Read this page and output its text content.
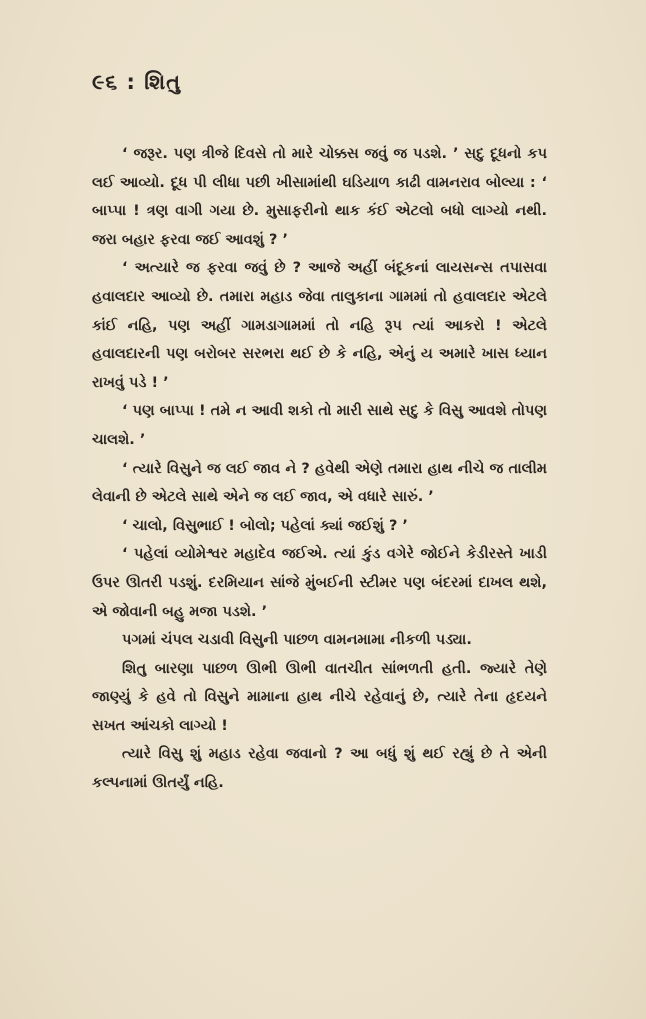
૯૬ : શિતુ

‘ જરૂર. પણ ત્રીજે દિવસે તો મારે ચોક્કસ જવું જ પડશે. ’ સદુ દૂધનો કપ લઈ આવ્યો. દૂધ પી લીધા પછી ખીસામાંથી ઘડિયાળ કાઢી વામનરાવ બોલ્યા : ‘ બાપ્પા ! ત્રણ વાગી ગયા છે. મુસાફરીનો થાક કંઈ એટલો બધો લાગ્યો નથી. જરા બહાર ફરવા જઈ આવશું ? ’

‘ અત્યારે જ ફરવા જવું છે ? આજે અહીં બંદૂકનાં લાયસન્સ તપાસવા હવાલદાર આવ્યો છે. તમારા મહાડ જેવા તાલુકાના ગામમાં તો હવાલદાર એટલે કાંઈ નહિ, પણ અહીં ગામડાગામમાં તો નહિ રૂપ ત્યાં આકરો ! એટલે હવાલદારની પણ બરોબર સરભરા થઈ છે કે નહિ, એનું ય અમારે ખાસ ધ્યાન રાખવું પડે ! ’

‘ પણ બાપ્પા ! તમે ન આવી શકો તો મારી સાથે સદુ કે વિસુ આવશે તોપણ ચાલશે. ’

‘ ત્યારે વિસુને જ લઈ જાવ ને ? હવેથી એણે તમારા હાથ નીચે જ તાલીમ લેવાની છે એટલે સાથે એને જ લઈ જાવ, એ વધારે સારું. ’

‘ ચાલો, વિસુભાઈ ! બોલો; પહેલાં ક્યાં જઈશું ? ’

‘ પહેલાં વ્યોમેશ્વર મહાદેવ જઈએ. ત્યાં કુંડ વગેરે જોઈને કેડીરસ્તે ખાડી ઉપર ઊતરી પડશું. દરમિયાન સાંજે મુંબઈની સ્ટીમર પણ બંદરમાં દાખલ થશે, એ જોવાની બહુ મજા પડશે. ’

પગમાં ચંપલ ચડાવી વિસુની પાછળ વામનમામા નીકળી પડ્યા.

શિતુ બારણા પાછળ ઊભી ઊભી વાતચીત સાંભળતી હતી. જ્યારે તેણે જાણ્યું કે હવે તો વિસુને મામાના હાથ નીચે રહેવાનું છે, ત્યારે તેના હૃદયને સખત આંચકો લાગ્યો !

ત્યારે વિસુ શું મહાડ રહેવા જવાનો ? આ બધું શું થઈ રહ્યું છે તે એની કલ્પનામાં ઊતર્યું નહિ.
